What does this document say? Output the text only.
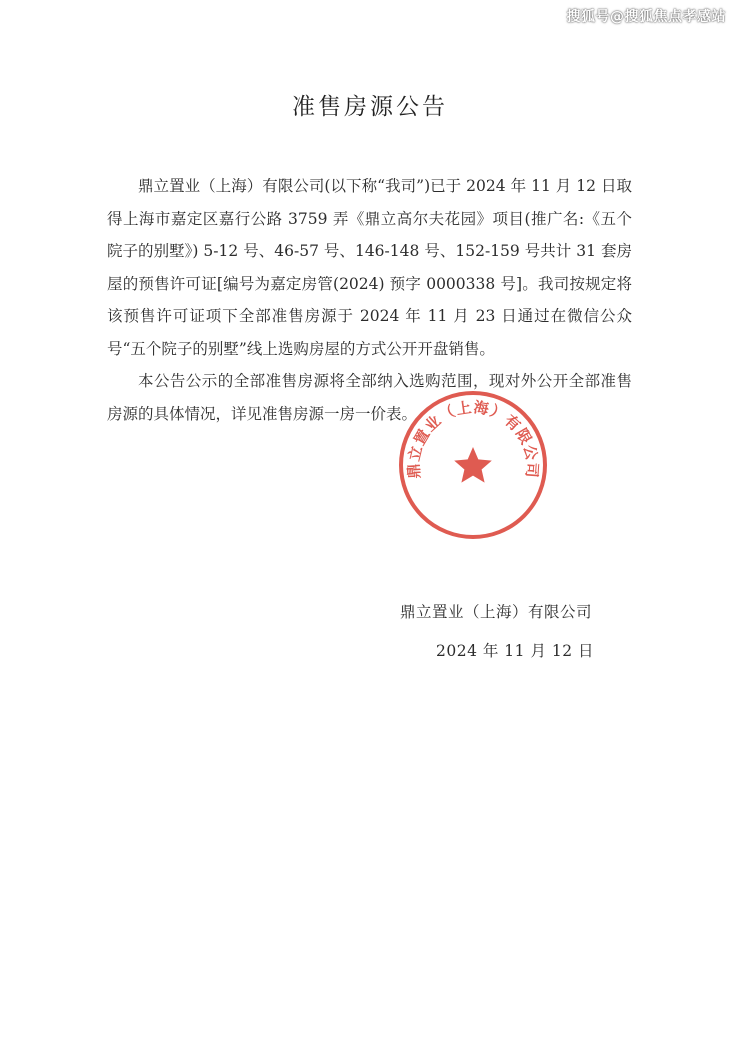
搜狐号@搜狐焦点孝感站
准售房源公告

鼎立置业（上海）有限公司(以下称“我司”)已于 2024 年 11 月 12 日取得上海市嘉定区嘉行公路 3759 弄《鼎立高尔夫花园》项目(推广名:《五个院子的别墅》) 5-12 号、46-57 号、146-148 号、152-159 号共计 31 套房屋的预售许可证[编号为嘉定房管(2024) 预字 0000338 号]。我司按规定将该预售许可证项下全部准售房源于 2024 年 11 月 23 日通过在微信公众号“五个院子的别墅”线上选购房屋的方式公开开盘销售。

本公告公示的全部准售房源将全部纳入选购范围，现对外公开全部准售房源的具体情况，详见准售房源一房一价表。

鼎立置业（上海）有限公司
鼎立置业（上海）有限公司
2024 年 11 月 12 日
